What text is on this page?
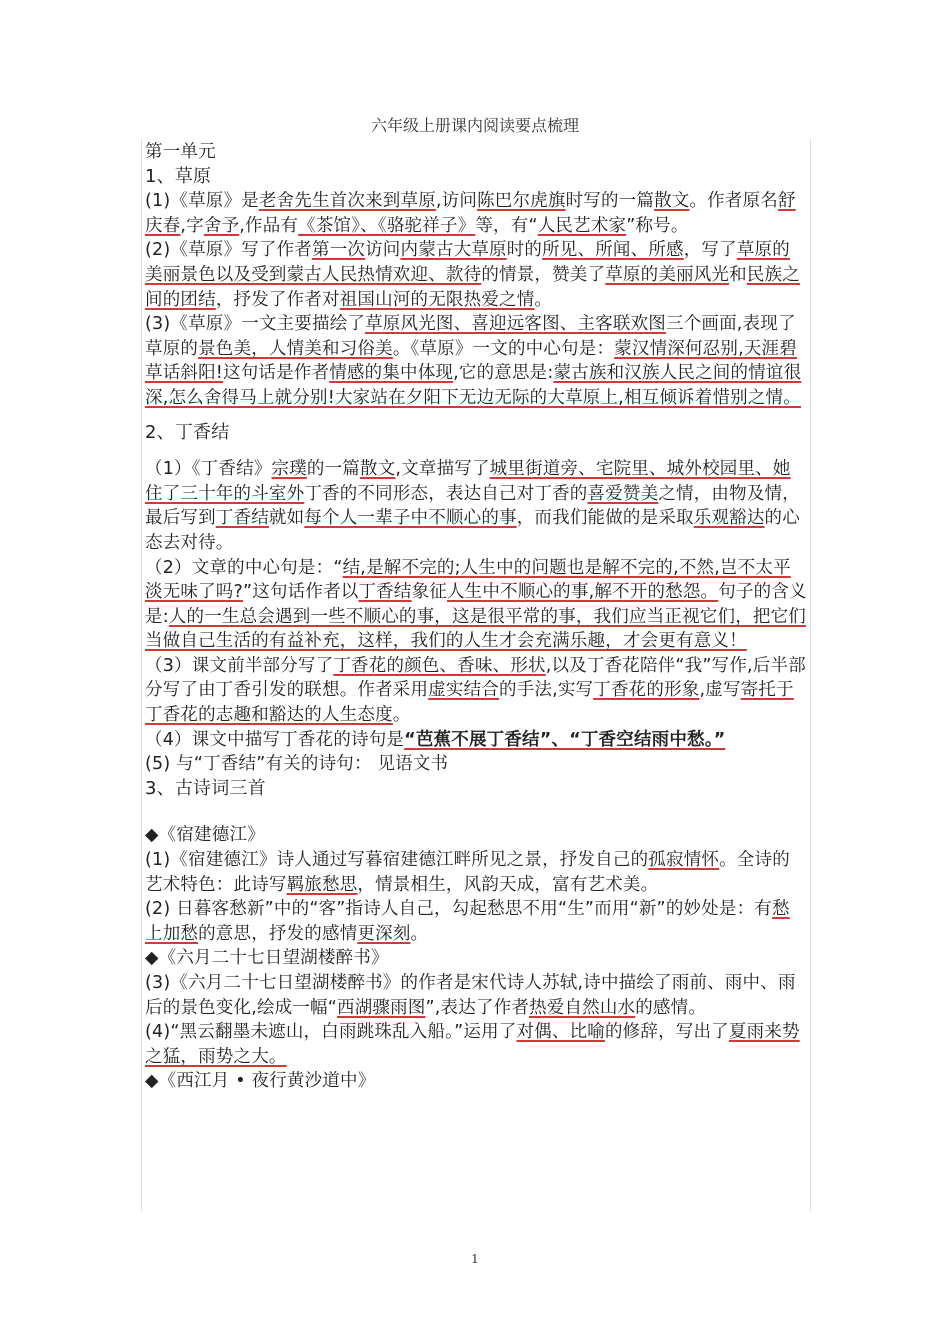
六年级上册课内阅读要点梳理

第一单元

1、草原

(1)《草原》是老舍先生首次来到草原,访问陈巴尔虎旗时写的一篇散文。作者原名舒庆春,字舍予,作品有《茶馆》、《骆驼祥子》等，有“人民艺术家”称号。

(2)《草原》写了作者第一次访问内蒙古大草原时的所见、所闻、所感，写了草原的美丽景色以及受到蒙古人民热情欢迎、款待的情景，赞美了草原的美丽风光和民族之间的团结，抒发了作者对祖国山河的无限热爱之情。

(3)《草原》一文主要描绘了草原风光图、喜迎远客图、主客联欢图三个画面,表现了草原的景色美，人情美和习俗美。《草原》一文的中心句是：蒙汉情深何忍别,天涯碧草话斜阳!这句话是作者情感的集中体现,它的意思是:蒙古族和汉族人民之间的情谊很深,怎么舍得马上就分别!大家站在夕阳下无边无际的大草原上,相互倾诉着惜别之情。

2、丁香结

（1）《丁香结》宗璞的一篇散文,文章描写了城里街道旁、宅院里、城外校园里、她住了三十年的斗室外丁香的不同形态，表达自己对丁香的喜爱赞美之情，由物及情，最后写到丁香结就如每个人一辈子中不顺心的事，而我们能做的是采取乐观豁达的心态去对待。

（2）文章的中心句是：“结,是解不完的;人生中的问题也是解不完的,不然,岂不太平淡无味了吗?”这句话作者以丁香结象征人生中不顺心的事,解不开的愁怨。句子的含义是:人的一生总会遇到一些不顺心的事，这是很平常的事，我们应当正视它们，把它们当做自己生活的有益补充，这样，我们的人生才会充满乐趣，才会更有意义！

（3）课文前半部分写了丁香花的颜色、香味、形状,以及丁香花陪伴“我”写作,后半部分写了由丁香引发的联想。作者采用虚实结合的手法,实写丁香花的形象,虚写寄托于丁香花的志趣和豁达的人生态度。

（4）课文中描写丁香花的诗句是“芭蕉不展丁香结”、“丁香空结雨中愁。”

(5) 与“丁香结”有关的诗句： 见语文书

3、古诗词三首

◆《宿建德江》

(1)《宿建德江》诗人通过写暮宿建德江畔所见之景，抒发自己的孤寂情怀。全诗的艺术特色：此诗写羁旅愁思，情景相生，风韵天成，富有艺术美。

(2) 日暮客愁新”中的“客”指诗人自己，勾起愁思不用“生”而用“新”的妙处是：有愁上加愁的意思，抒发的感情更深刻。

◆《六月二十七日望湖楼醉书》

(3)《六月二十七日望湖楼醉书》的作者是宋代诗人苏轼,诗中描绘了雨前、雨中、雨后的景色变化,绘成一幅“西湖骤雨图”,表达了作者热爱自然山水的感情。

(4)“黑云翻墨未遮山，白雨跳珠乱入船。”运用了对偶、比喻的修辞，写出了夏雨来势之猛，雨势之大。

◆《西江月 • 夜行黄沙道中》

1
